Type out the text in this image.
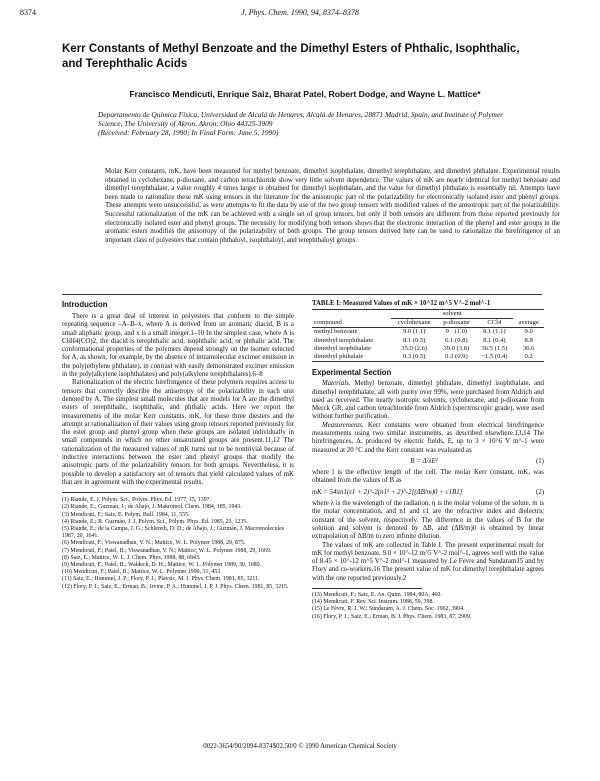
8374	J. Phys. Chem. 1990, 94, 8374–8378
Kerr Constants of Methyl Benzoate and the Dimethyl Esters of Phthalic, Isophthalic, and Terephthalic Acids
Francisco Mendicuti, Enrique Saiz, Bharat Patel, Robert Dodge, and Wayne L. Mattice*
Departamento de Química Física, Universidad de Alcalá de Henares, Alcalá de Henares, 28871 Madrid, Spain, and Institute of Polymer Science, The University of Akron, Akron, Ohio 44325-3909
(Received: February 28, 1990; In Final Form: June 5, 1990)
Molar Kerr constants, mK, have been measured for methyl benzoate, dimethyl isophthalate, dimethyl terephthalate, and dimethyl phthalate. Experimental results obtained in cyclohexane, p-dioxane, and carbon tetrachloride show very little solvent dependence. The values of mK are nearly identical for methyl benzoate and dimethyl terephthalate, a value roughly 4 times larger is obtained for dimethyl isophthalate, and the value for dimethyl phthalate is essentially nil. Attempts have been made to rationalize these mK using tensors in the literature for the anisotropic part of the polarizability for electronically isolated ester and phenyl groups. These attempts were unsuccessful, as were attempts to fit the data by use of the two group tensors with modified values of the anisotropic part of the polarizability. Successful rationalization of the mK can be achieved with a single set of group tensors, but only if both tensors are different from those reported previously for electronically isolated ester and phenyl groups. The necessity for modifying both tensors shows that the electronic interaction of the phenyl and ester groups in the aromatic esters modifies the anisotropy of the polarizability of both groups. The group tensors derived here can be used to rationalize the birefringence of an important class of polyesters that contain phthaloyl, isophthaloyl, and terephthaloyl groups.
Introduction

There is a great deal of interest in polyesters that conform to the simple repeating sequence –A–B–x, where A is derived from an aromatic diacid, B is a small aliphatic group, and x is a small integer.1–10 In the simplest case, where A is C6H4(CO)2, the diacid is terephthalic acid, isophthalic acid, or phthalic acid. The conformational properties of the polymers depend strongly on the isomer selected for A, as shown, for example, by the absence of intramolecular excimer emission in the poly(ethylene phthalate), in contrast with easily demonstrated excimer emission in the poly(alkylene isophthalates) and poly(alkylene terephthalates).6–8

Rationalization of the electric birefringence of these polymers requires access to tensors that correctly describe the anisotropy of the polarizability in each unit denoted by A. The simplest small molecules that are models for A are the dimethyl esters of terephthalic, isophthalic, and phthalic acids. Here we report the measurements of the molar Kerr constants, mK, for these three diesters and the attempt at rationalization of their values using group tensors reported previously for the ester group and phenyl group when these groups are isolated individually in small compounds in which no other unsaturated groups are present.11,12 The rationalization of the measured values of mK turns out to be nontrivial because of inductive interactions between the ester and phenyl groups that modify the anisotropic parts of the polarizability tensors for both groups. Nevertheless, it is possible to develop a satisfactory set of tensors that yield calculated values of mK that are in agreement with the experimental results.

(1) Riande, E. J. Polym. Sci., Polym. Phys. Ed. 1977, 15, 1397.

(2) Riande, E.; Guzmán, J.; de Abajo, J. Makromol. Chem. 1984, 185, 1943.

(3) Mendicuti, F.; Saiz, E. Polym. Bull. 1984, 11, 555.

(4) Riande, E.; R. Guzmán, J. J. Polym. Sci., Polym. Phys. Ed. 1985, 23, 1235.

(5) Riande, E.; de la Campa, J. G.; Schlereth, D. D.; de Abajo, J.; Guzmán, J. Macromolecules 1987, 20, 1641.

(6) Mendicuti, F.; Viswanadhan, V. N.; Mattice, W. L. Polymer 1988, 29, 875.

(7) Mendicuti, F.; Patel, B.; Viswanadhan, V. N.; Mattice, W. L. Polymer 1988, 29, 1669.

(8) Saiz, E.; Mattice, W. L. J. Chem. Phys. 1988, 88, 6843.

(9) Mendicuti, F.; Patel, B.; Waldeck, D. H.; Mattice, W. L. Polymer 1989, 30, 1680.

(10) Mendicuti, F.; Patel, B.; Mattice, W. L. Polymer 1990, 31, 453.

(11) Saiz, E.; Hummel, J. P.; Flory, P. J.; Plavsic, M. J. Phys. Chem. 1981, 85, 3211.

(12) Flory, P. J.; Saiz, E.; Erman, B.; Irvine, P. A.; Hummel, J. P. J. Phys. Chem. 1981, 85, 3215.

TABLE I: Measured Values of mK × 10^12 m^5 V^-2 mol^-1
	solvent			
compound	cyclohexane	p-dioxane	CCl4	average

methyl benzoate	9.0 (1.1)	9 · (1.0)	8.1 (1.1)	9.0
dimethyl terephthalate	8.1 (0.5)	6.1 (0.8)	8.1 (0.4)	8.8
dimethyl isophthalate	35.0 (2.6)	39.0 (3.8)	36.5 (1.5)	36.6
dimethyl phthalate	0.3 (0.5)	0.3 (0.9)	−1.5 (0.4)	0.2
Experimental Section

Materials. Methyl benzoate, dimethyl phthalate, dimethyl isophthalate, and dimethyl terephthalate, all with purity over 99%, were purchased from Aldrich and used as received. The nearly isotropic solvents, cyclohexane, and p-dioxane from Merck GR, and carbon tetrachloride from Aldrich (spectroscopic grade), were used without further purification.

Measurements. Kerr constants were obtained from electrical birefringence measurements using two similar instruments, as described elsewhere.13,14 The birefringences, Δ, produced by electric fields, E, up to 3 × 10^6 V m^-1 were measured at 20 °C and the Kerr constant was evaluated as

B = Δ/λE²	(1)

where l is the effective length of the cell. The molar Kerr constant, mK, was obtained from the values of B as

mK = 54πn1(ε1 + 2)^-2(n1² + 2)^-2[(ΔB/m)0 + c1B1]	(2)

where λ is the wavelength of the radiation, η is the molar volume of the solute, m is the molar concentration, and n1 and ε1 are the refractive index and dielectric constant of the solvent, respectively. The difference in the values of B for the solution and solvent is denoted by ΔB, and (ΔB/m)0 is obtained by linear extrapolation of ΔB/m to zero infinite dilution.

The values of mK are collected in Table I. The present experimental result for mK for methyl benzoate, 9.0 × 10^-12 m^5 V^-2 mol^-1, agrees well with the value of 8.45 × 10^-12 m^5 V^-2 mol^-1 measured by Le Fevre and Sundaram15 and by Flory and co-workers.16 The present value of mK for dimethyl terephthalate agrees with the one reported previously.2

(13) Mendicuti, F.; Saiz, E. An. Quim. 1984, 80A, 460.

(14) Mendicuti, F. Rev. Sci. Instrum. 1988, 59, 398.

(15) Le Fèvre, R. J. W.; Sundaram, A. J. Chem. Soc. 1962, 3904.

(16) Flory, P. J.; Saiz, E.; Erman, B. J. Phys. Chem. 1983, 87, 2909.

0022-3654/90/2094-8374$02.50/0 © 1990 American Chemical Society
